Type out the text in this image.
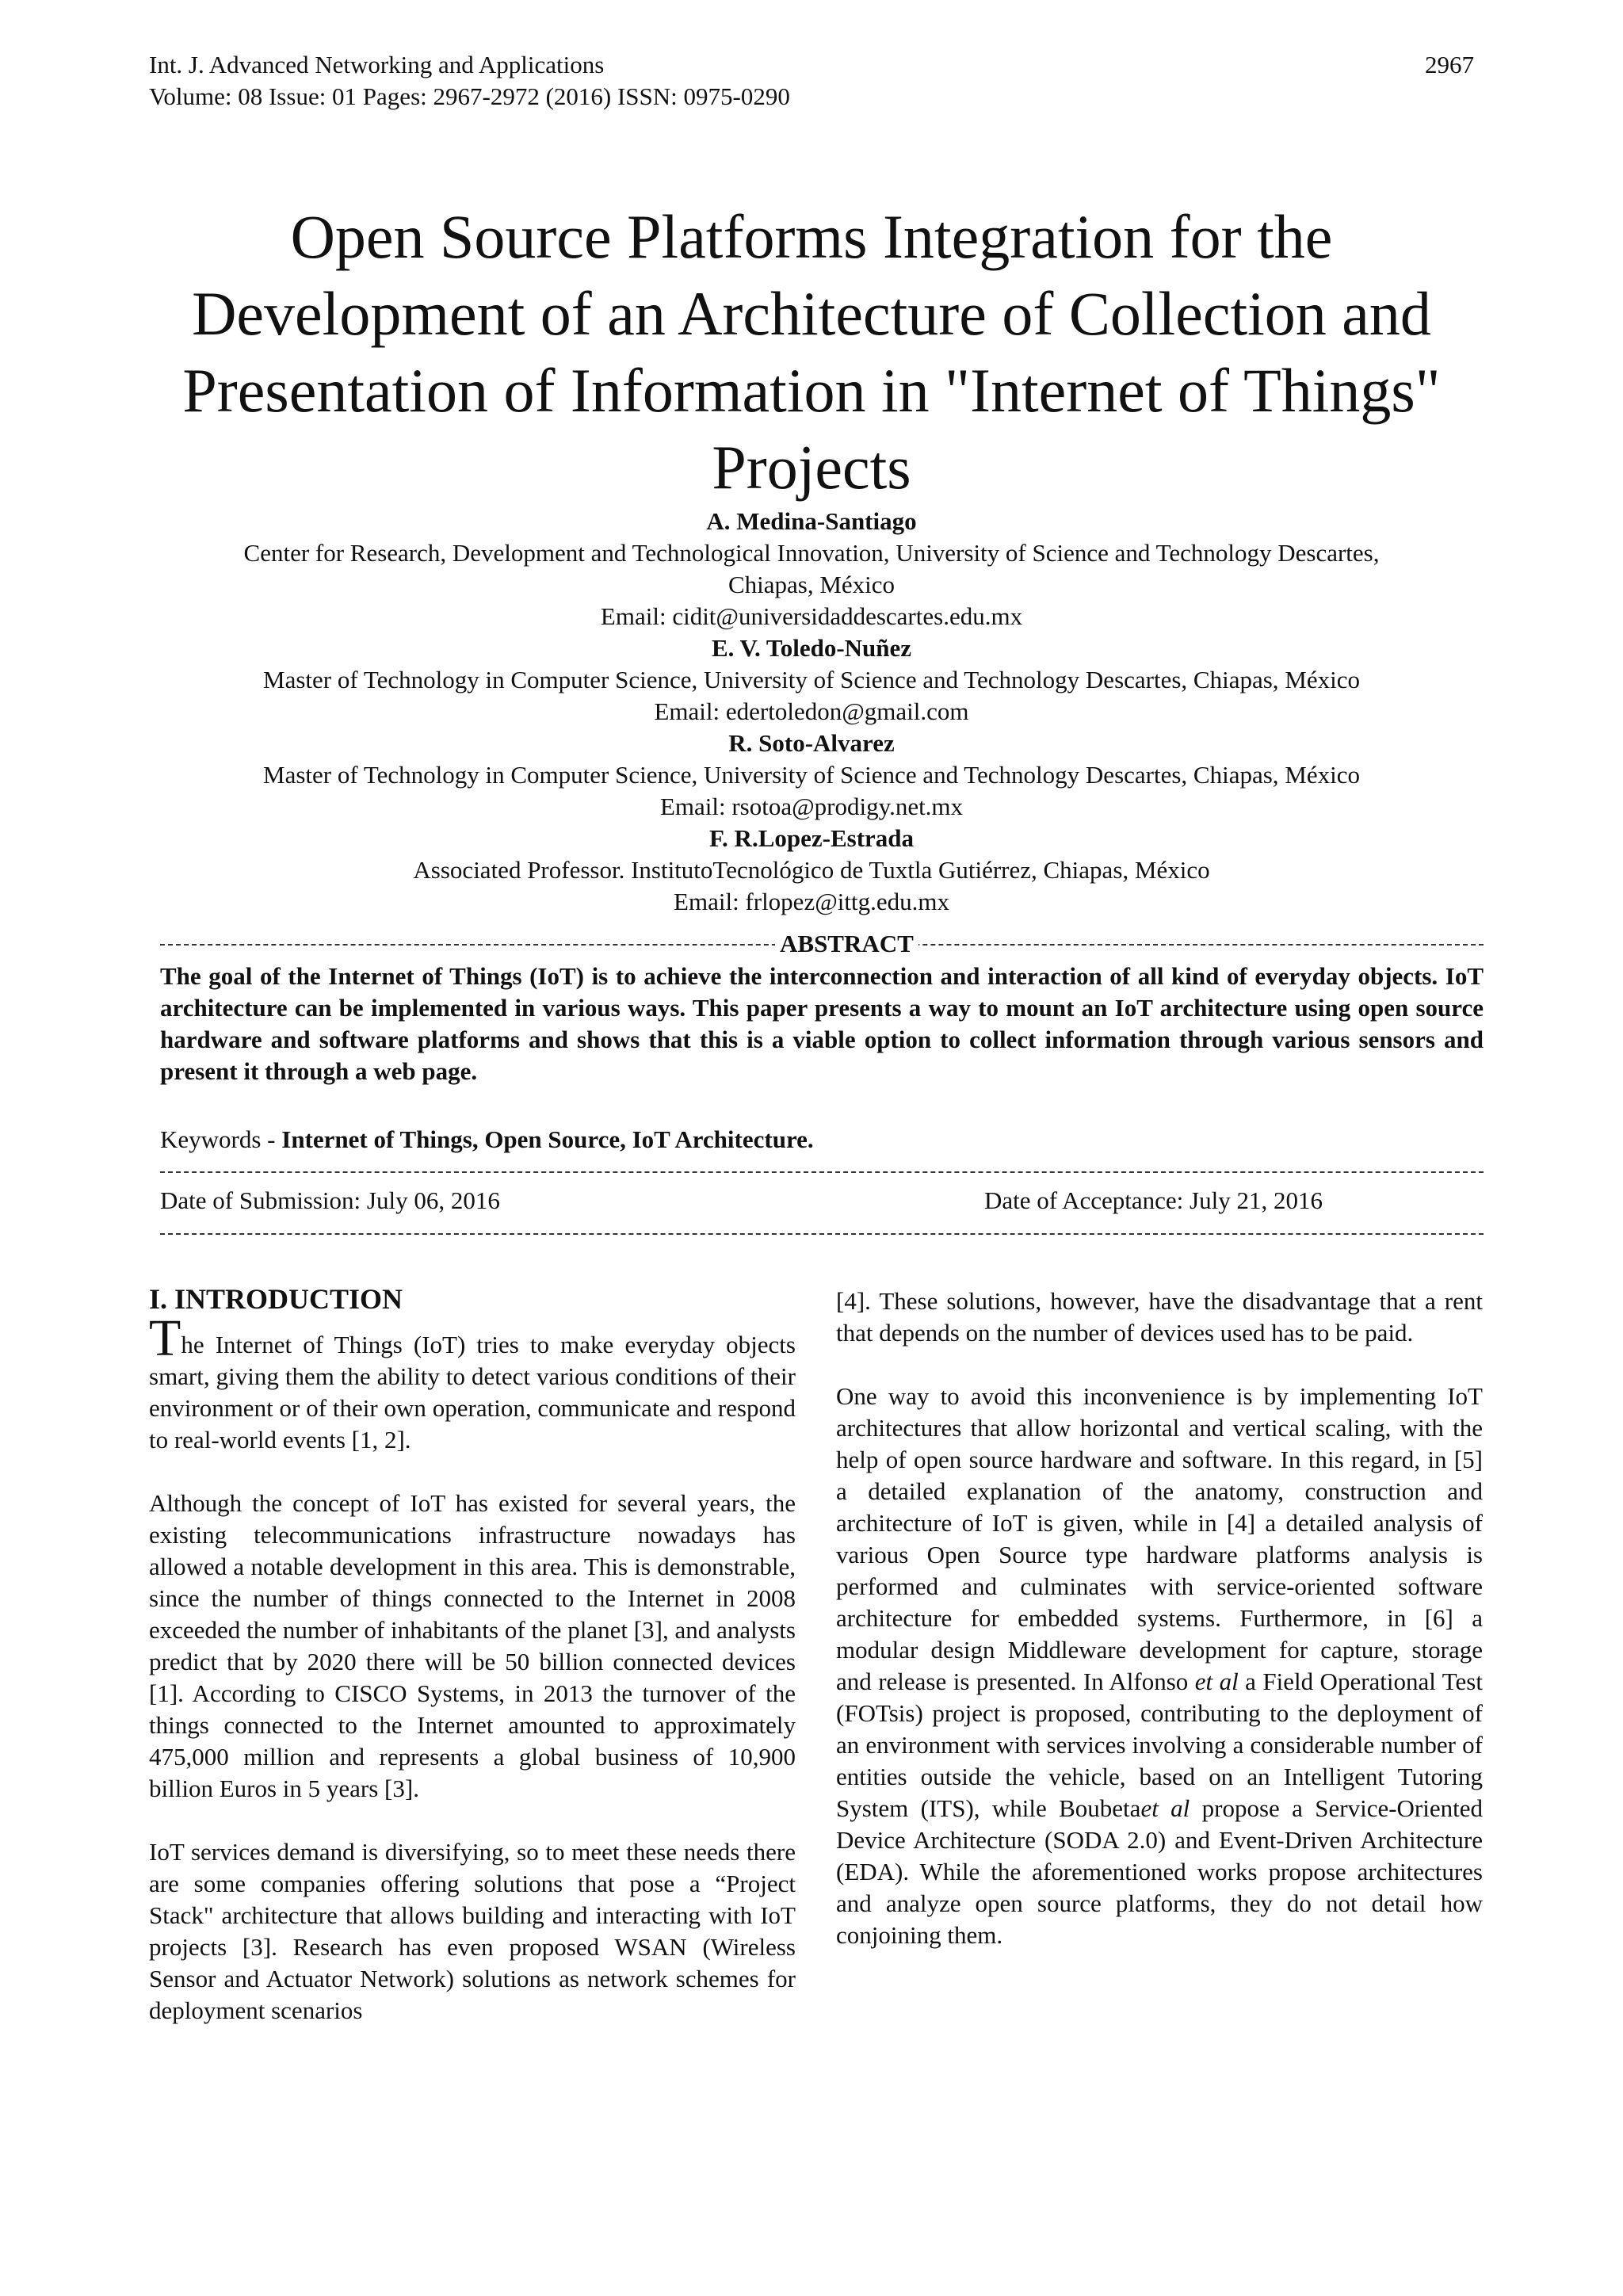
Int. J. Advanced Networking and Applications
Volume: 08 Issue: 01 Pages: 2967-2972 (2016) ISSN: 0975-0290
2967
Open Source Platforms Integration for the Development of an Architecture of Collection and Presentation of Information in "Internet of Things" Projects
A. Medina-Santiago
Center for Research, Development and Technological Innovation, University of Science and Technology Descartes,
Chiapas, México
Email: cidit@universidaddescartes.edu.mx
E. V. Toledo-Nuñez
Master of Technology in Computer Science, University of Science and Technology Descartes, Chiapas, México
Email: edertoledon@gmail.com
R. Soto-Alvarez
Master of Technology in Computer Science, University of Science and Technology Descartes, Chiapas, México
Email: rsotoa@prodigy.net.mx
F. R.Lopez-Estrada
Associated Professor. InstitutoTecnológico de Tuxtla Gutiérrez, Chiapas, México
Email: frlopez@ittg.edu.mx
ABSTRACT

The goal of the Internet of Things (IoT) is to achieve the interconnection and interaction of all kind of everyday objects. IoT architecture can be implemented in various ways. This paper presents a way to mount an IoT architecture using open source hardware and software platforms and shows that this is a viable option to collect information through various sensors and present it through a web page.

Keywords - Internet of Things, Open Source, IoT Architecture.
Date of Submission: July 06, 2016	Date of Acceptance: July 21, 2016
I. INTRODUCTION

The Internet of Things (IoT) tries to make everyday objects smart, giving them the ability to detect various conditions of their environment or of their own operation, communicate and respond to real-world events [1, 2].

Although the concept of IoT has existed for several years, the existing telecommunications infrastructure nowadays has allowed a notable development in this area. This is demonstrable, since the number of things connected to the Internet in 2008 exceeded the number of inhabitants of the planet [3], and analysts predict that by 2020 there will be 50 billion connected devices [1]. According to CISCO Systems, in 2013 the turnover of the things connected to the Internet amounted to approximately 475,000 million and represents a global business of 10,900 billion Euros in 5 years [3].

IoT services demand is diversifying, so to meet these needs there are some companies offering solutions that pose a “Project Stack" architecture that allows building and interacting with IoT projects [3]. Research has even proposed WSAN (Wireless Sensor and Actuator Network) solutions as network schemes for deployment scenarios

[4]. These solutions, however, have the disadvantage that a rent that depends on the number of devices used has to be paid.

One way to avoid this inconvenience is by implementing IoT architectures that allow horizontal and vertical scaling, with the help of open source hardware and software. In this regard, in [5] a detailed explanation of the anatomy, construction and architecture of IoT is given, while in [4] a detailed analysis of various Open Source type hardware platforms analysis is performed and culminates with service-oriented software architecture for embedded systems. Furthermore, in [6] a modular design Middleware development for capture, storage and release is presented. In Alfonso et al a Field Operational Test (FOTsis) project is proposed, contributing to the deployment of an environment with services involving a considerable number of entities outside the vehicle, based on an Intelligent Tutoring System (ITS), while Boubetaet al propose a Service-Oriented Device Architecture (SODA 2.0) and Event-Driven Architecture (EDA). While the aforementioned works propose architectures and analyze open source platforms, they do not detail how conjoining them.
